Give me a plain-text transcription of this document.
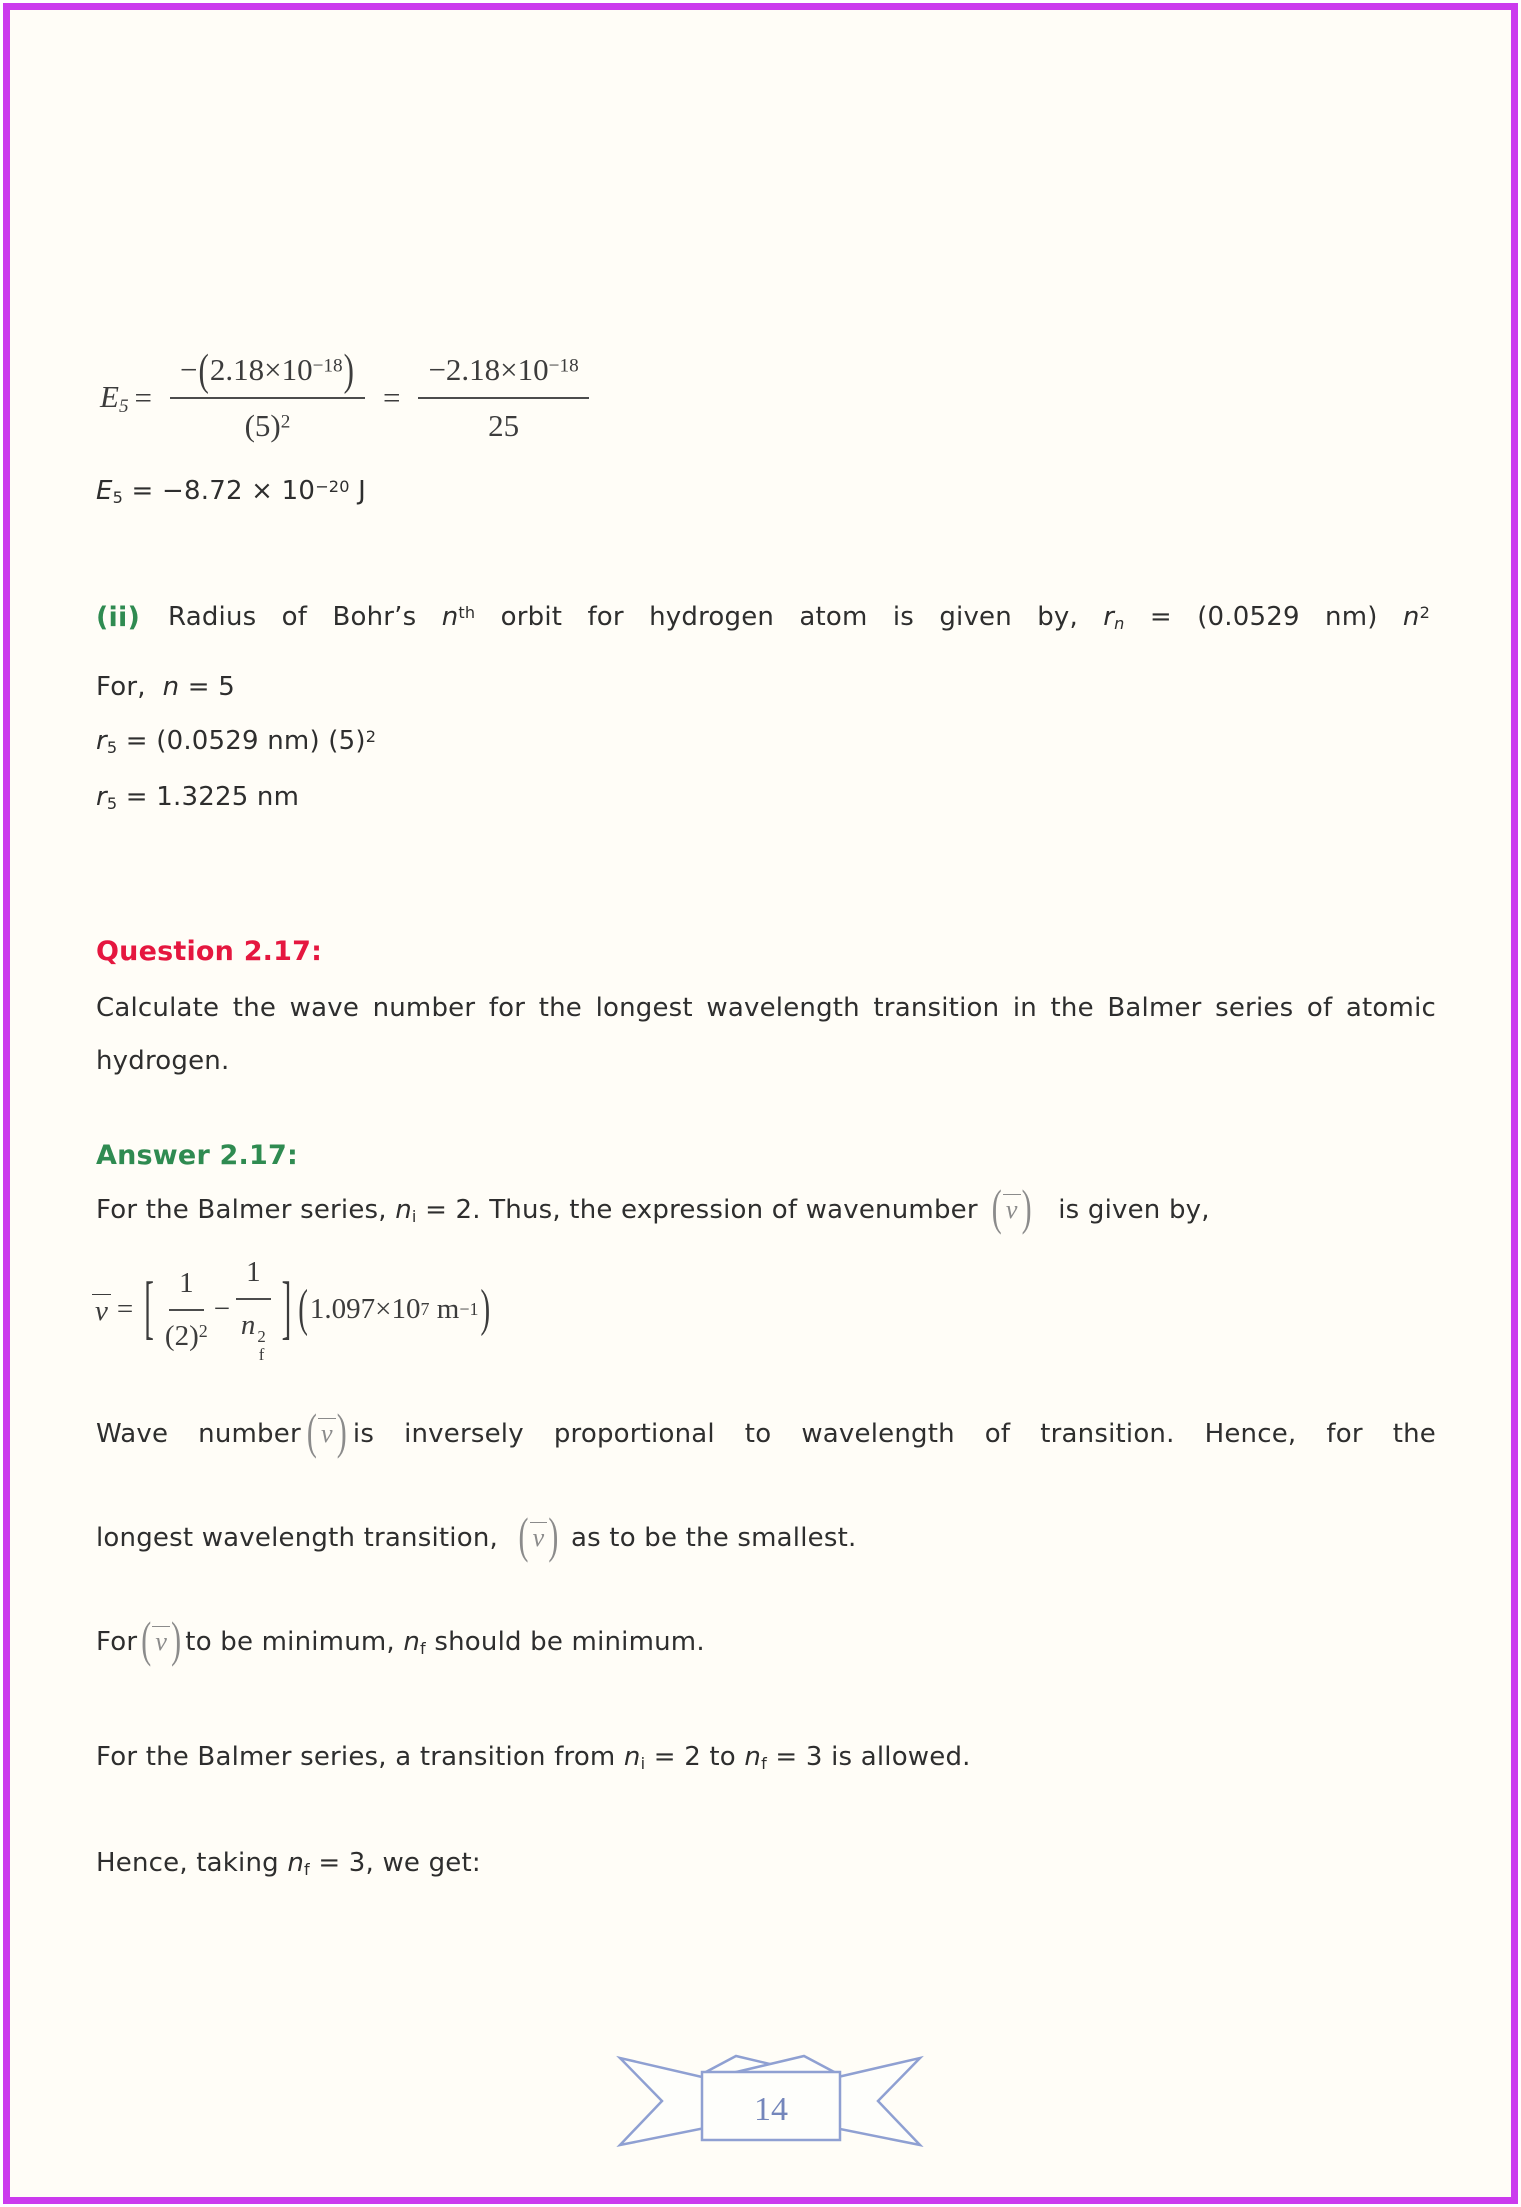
$E_5 = \frac{-(2.18\times 10^{-18})}{(5)^2} = \frac{-2.18\times 10^{-18}}{25}$
$E_5 = -8.72 \times 10^{-20}$ J
(ii) Radius of Bohr’s $n^{th}$ orbit for hydrogen atom is given by, $r_n = (0.0529$ nm) $n^2$
For,  n = 5
$r_5 = (0.0529$ nm) $(5)^2$
$r_5 = 1.3225$ nm
Question 2.17:
Calculate the wave number for the longest wavelength transition in the Balmer series of atomic hydrogen.
Answer 2.17:
For the Balmer series, $n_i = 2$. Thus, the expression of wavenumber ( v ) is given by,
v = [ $\frac{1}{(2)^2} - 1$
n 2
f ] ( 1.097×10 7 m −1 )
Wave number ( v ) is inversely proportional to wavelength of transition. Hence, for the
longest wavelength transition, ( v ) as to be the smallest.
For ( v ) to be minimum, $n_f$ should be minimum.
For the Balmer series, a transition from $n_i = 2$ to $n_f = 3$ is allowed.
Hence, taking $n_f = 3$, we get:
14
